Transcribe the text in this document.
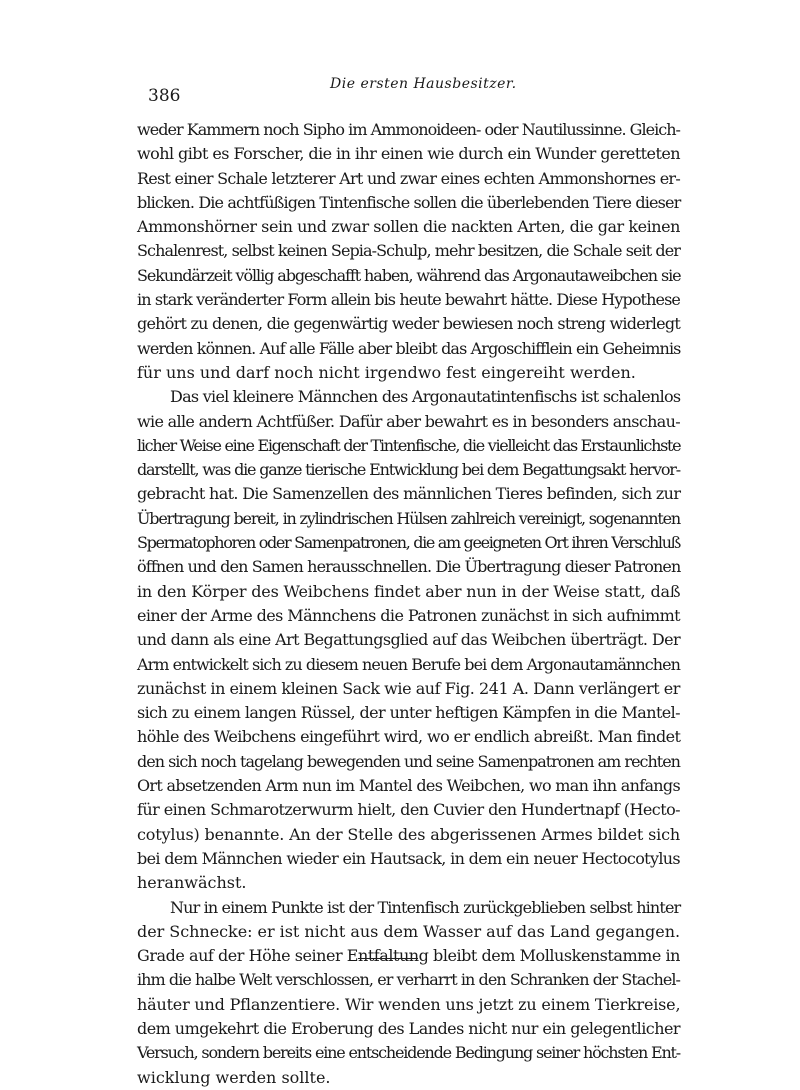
386
Die ersten Hausbesitzer.
weder Kammern noch Sipho im Ammonoideen- oder Nautilussinne. Gleich-
wohl gibt es Forscher, die in ihr einen wie durch ein Wunder geretteten
Rest einer Schale letzterer Art und zwar eines echten Ammonshornes er-
blicken. Die achtfüßigen Tintenfische sollen die überlebenden Tiere dieser
Ammonshörner sein und zwar sollen die nackten Arten, die gar keinen
Schalenrest, selbst keinen Sepia-Schulp, mehr besitzen, die Schale seit der
Sekundärzeit völlig abgeschafft haben, während das Argonautaweibchen sie
in stark veränderter Form allein bis heute bewahrt hätte. Diese Hypothese
gehört zu denen, die gegenwärtig weder bewiesen noch streng widerlegt
werden können. Auf alle Fälle aber bleibt das Argoschifflein ein Geheimnis
für uns und darf noch nicht irgendwo fest eingereiht werden.
Das viel kleinere Männchen des Argonautatintenfischs ist schalenlos
wie alle andern Achtfüßer. Dafür aber bewahrt es in besonders anschau-
licher Weise eine Eigenschaft der Tintenfische, die vielleicht das Erstaunlichste
darstellt, was die ganze tierische Entwicklung bei dem Begattungsakt hervor-
gebracht hat. Die Samenzellen des männlichen Tieres befinden, sich zur
Übertragung bereit, in zylindrischen Hülsen zahlreich vereinigt, sogenannten
Spermatophoren oder Samenpatronen, die am geeigneten Ort ihren Verschluß
öffnen und den Samen herausschnellen. Die Übertragung dieser Patronen
in den Körper des Weibchens findet aber nun in der Weise statt, daß
einer der Arme des Männchens die Patronen zunächst in sich aufnimmt
und dann als eine Art Begattungsglied auf das Weibchen überträgt. Der
Arm entwickelt sich zu diesem neuen Berufe bei dem Argonautamännchen
zunächst in einem kleinen Sack wie auf Fig. 241 A. Dann verlängert er
sich zu einem langen Rüssel, der unter heftigen Kämpfen in die Mantel-
höhle des Weibchens eingeführt wird, wo er endlich abreißt. Man findet
den sich noch tagelang bewegenden und seine Samenpatronen am rechten
Ort absetzenden Arm nun im Mantel des Weibchen, wo man ihn anfangs
für einen Schmarotzerwurm hielt, den Cuvier den Hundertnapf (Hecto-
cotylus) benannte. An der Stelle des abgerissenen Armes bildet sich
bei dem Männchen wieder ein Hautsack, in dem ein neuer Hectocotylus
heranwächst.
Nur in einem Punkte ist der Tintenfisch zurückgeblieben selbst hinter
der Schnecke: er ist nicht aus dem Wasser auf das Land gegangen.
Grade auf der Höhe seiner Entfaltung bleibt dem Molluskenstamme in
ihm die halbe Welt verschlossen, er verharrt in den Schranken der Stachel-
häuter und Pflanzentiere. Wir wenden uns jetzt zu einem Tierkreise,
dem umgekehrt die Eroberung des Landes nicht nur ein gelegentlicher
Versuch, sondern bereits eine entscheidende Bedingung seiner höchsten Ent-
wicklung werden sollte.
